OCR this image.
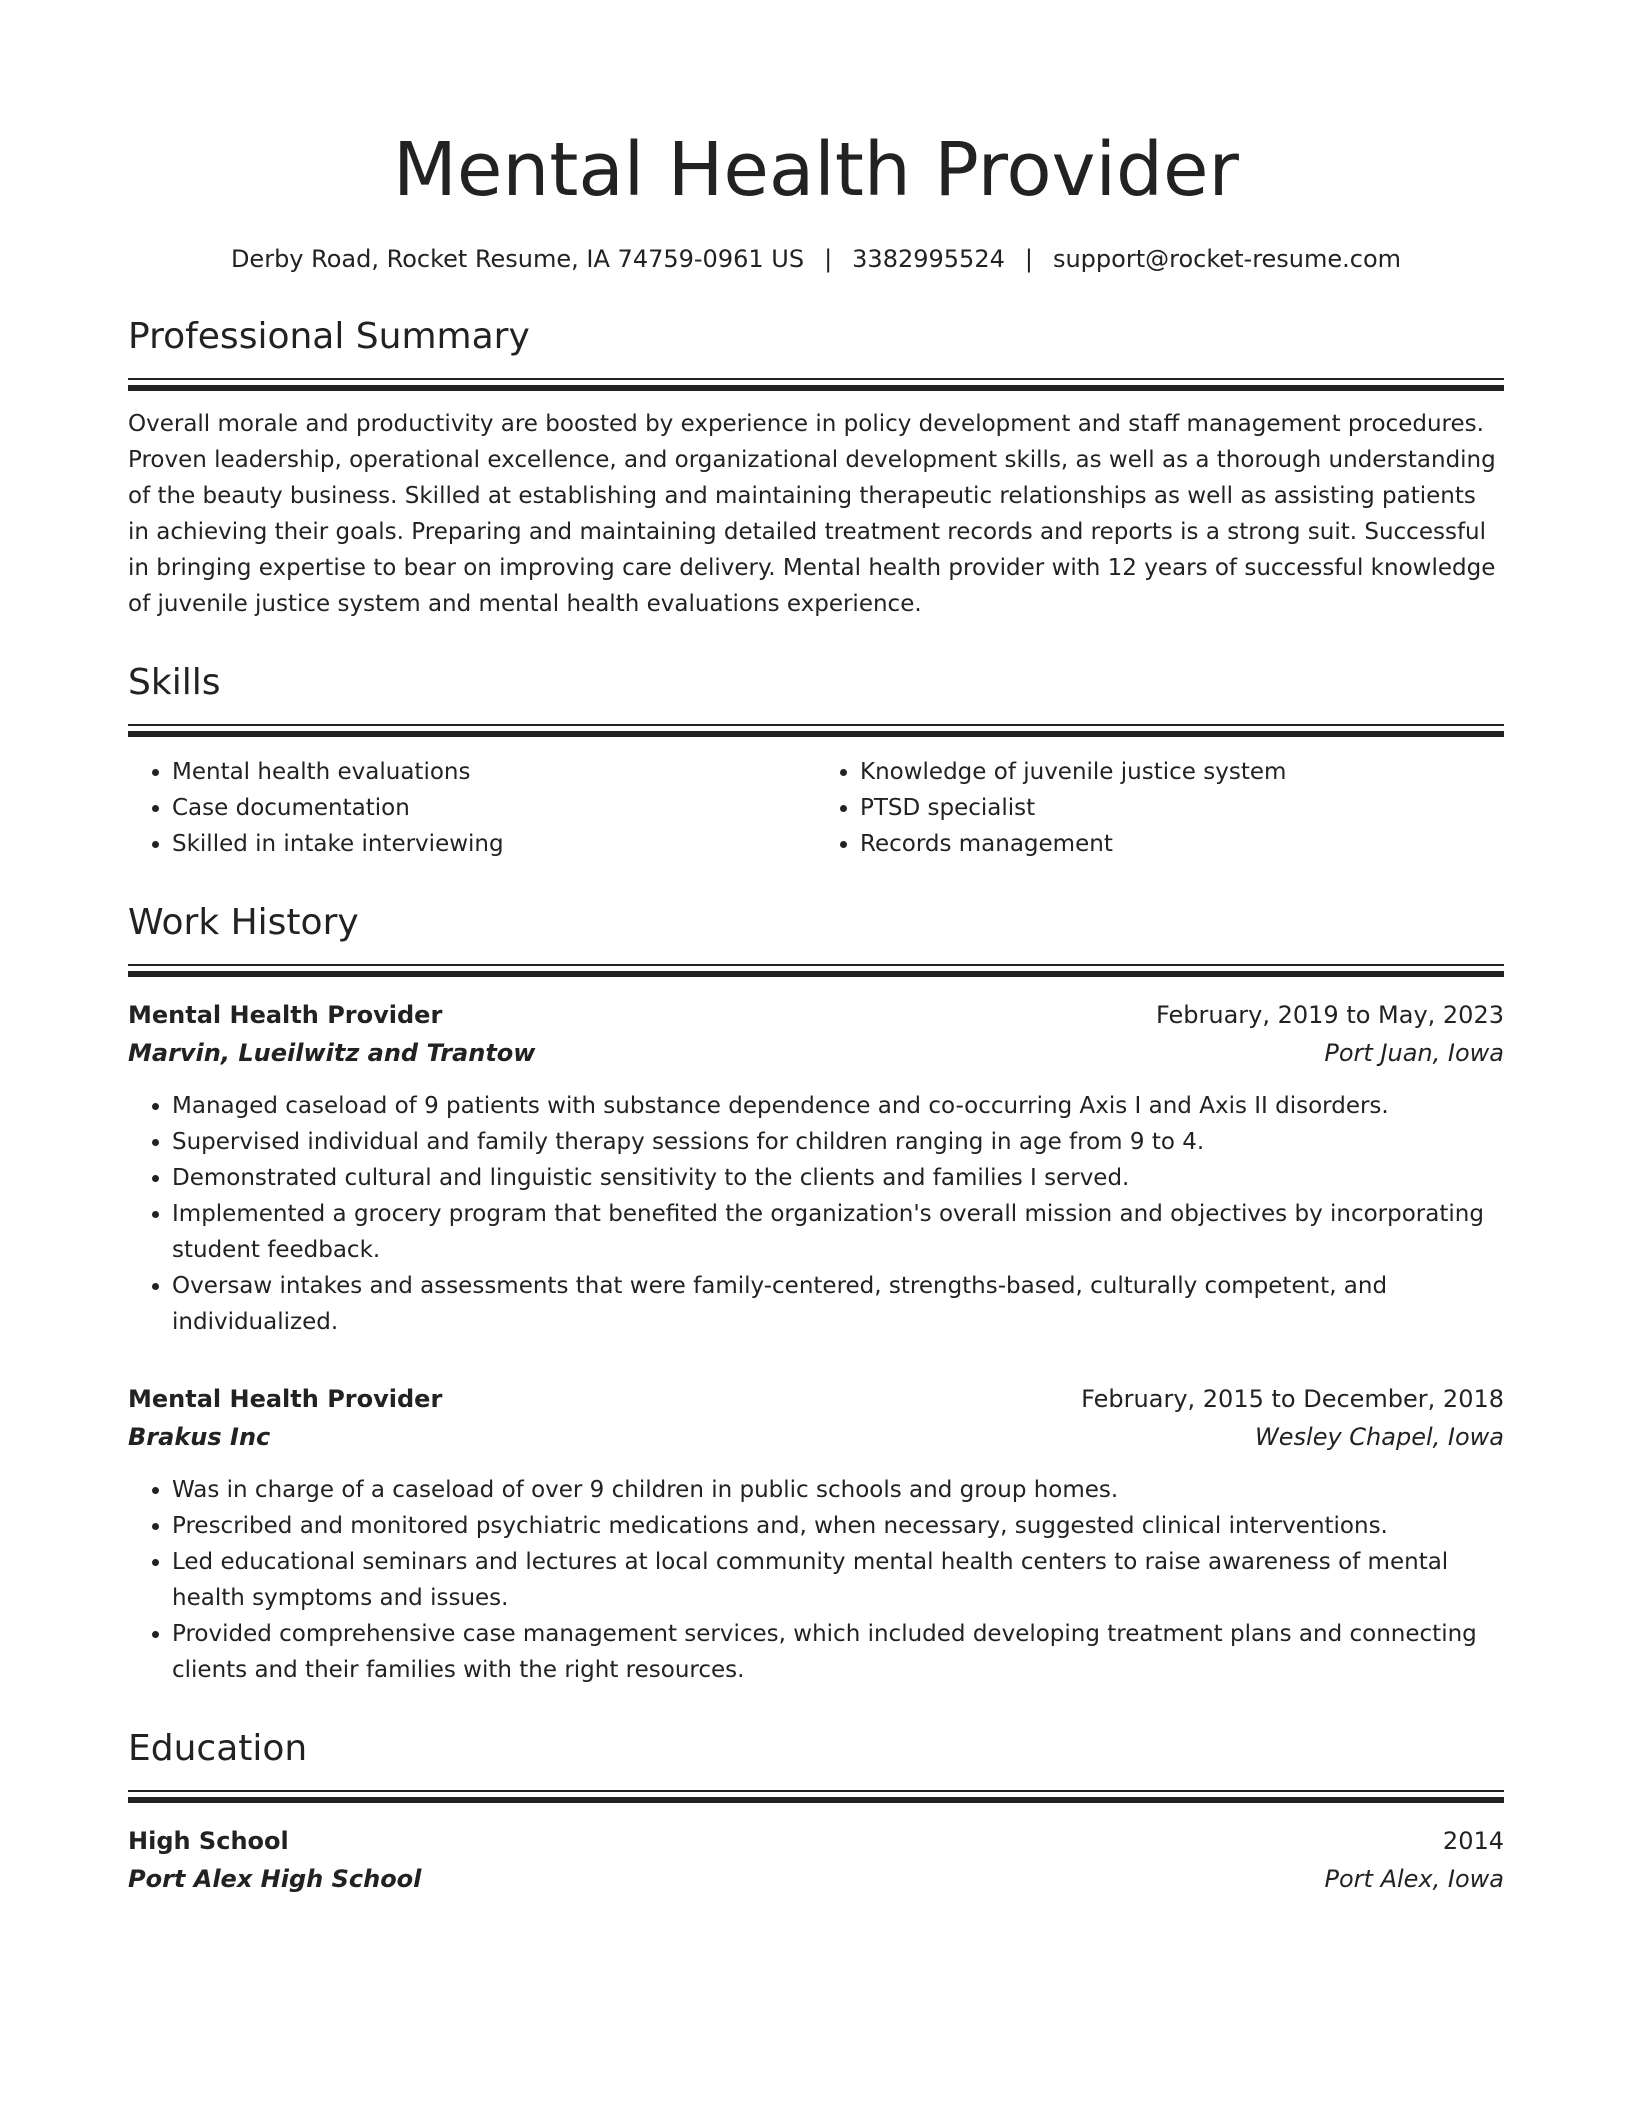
Mental Health Provider
Derby Road, Rocket Resume, IA 74759-0961 US | 3382995524 | support@rocket-resume.com
Professional Summary
Overall morale and productivity are boosted by experience in policy development and staff management procedures. Proven leadership, operational excellence, and organizational development skills, as well as a thorough understanding of the beauty business. Skilled at establishing and maintaining therapeutic relationships as well as assisting patients in achieving their goals. Preparing and maintaining detailed treatment records and reports is a strong suit. Successful in bringing expertise to bear on improving care delivery. Mental health provider with 12 years of successful knowledge of juvenile justice system and mental health evaluations experience.
Skills
• Mental health evaluations
• Case documentation
• Skilled in intake interviewing
• Knowledge of juvenile justice system
• PTSD specialist
• Records management
Work History
Mental Health Provider	February, 2019 to May, 2023
Marvin, Lueilwitz and Trantow	Port Juan, Iowa
• Managed caseload of 9 patients with substance dependence and co-occurring Axis I and Axis II disorders.
• Supervised individual and family therapy sessions for children ranging in age from 9 to 4.
• Demonstrated cultural and linguistic sensitivity to the clients and families I served.
• Implemented a grocery program that benefited the organization's overall mission and objectives by incorporating student feedback.
• Oversaw intakes and assessments that were family-centered, strengths-based, culturally competent, and individualized.
Mental Health Provider	February, 2015 to December, 2018
Brakus Inc	Wesley Chapel, Iowa
• Was in charge of a caseload of over 9 children in public schools and group homes.
• Prescribed and monitored psychiatric medications and, when necessary, suggested clinical interventions.
• Led educational seminars and lectures at local community mental health centers to raise awareness of mental health symptoms and issues.
• Provided comprehensive case management services, which included developing treatment plans and connecting clients and their families with the right resources.
Education
High School	2014
Port Alex High School	Port Alex, Iowa
